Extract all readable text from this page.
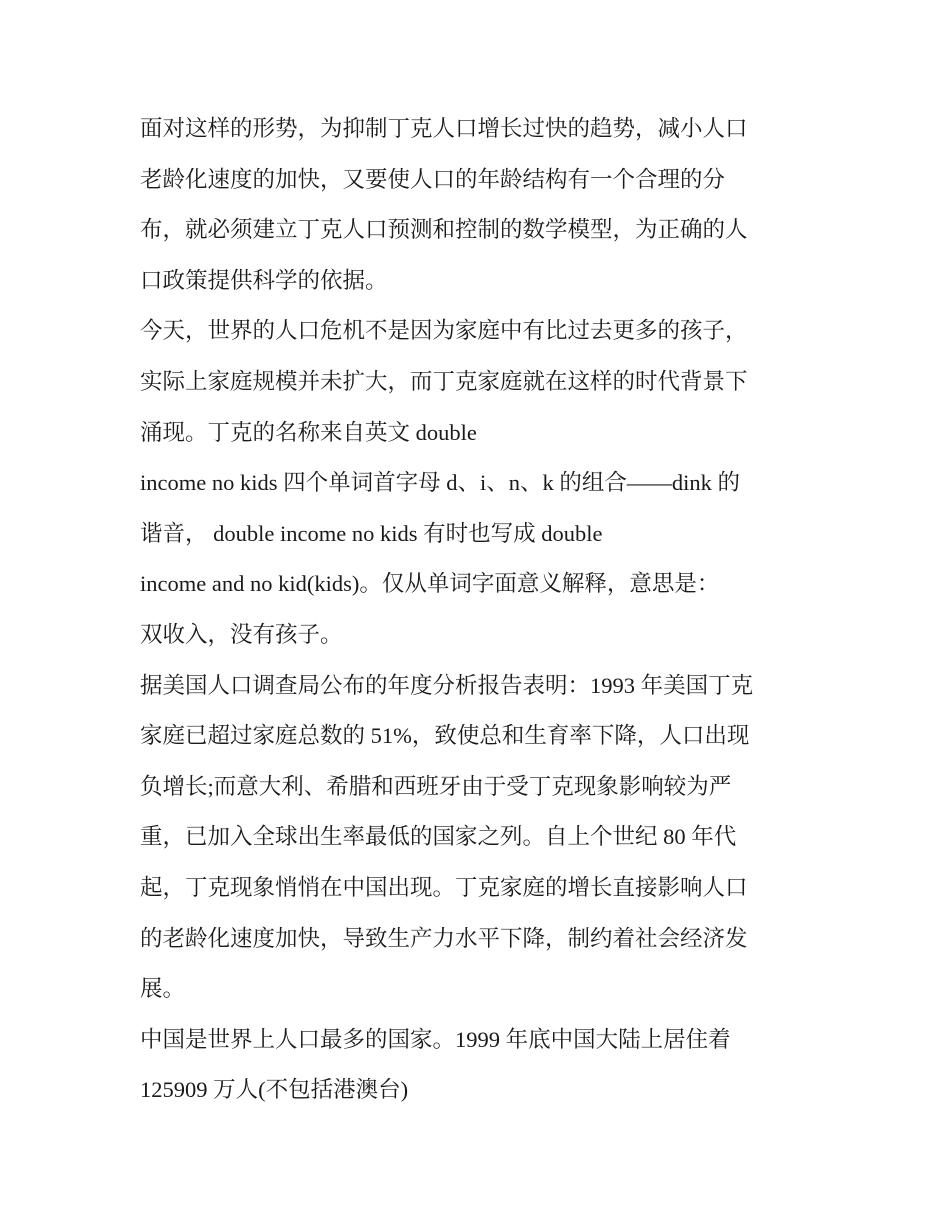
面对这样的形势，为抑制丁克人口增长过快的趋势，减小人口
老龄化速度的加快，又要使人口的年龄结构有一个合理的分
布，就必须建立丁克人口预测和控制的数学模型，为正确的人
口政策提供科学的依据。
今天，世界的人口危机不是因为家庭中有比过去更多的孩子，
实际上家庭规模并未扩大，而丁克家庭就在这样的时代背景下
涌现。丁克的名称来自英文 double
income no kids 四个单词首字母 d、i、n、k 的组合——dink 的
谐音， double income no kids 有时也写成 double
income and no kid(kids)。仅从单词字面意义解释，意思是：
双收入，没有孩子。
据美国人口调查局公布的年度分析报告表明：1993 年美国丁克
家庭已超过家庭总数的 51%，致使总和生育率下降，人口出现
负增长;而意大利、希腊和西班牙由于受丁克现象影响较为严
重，已加入全球出生率最低的国家之列。自上个世纪 80 年代
起，丁克现象悄悄在中国出现。丁克家庭的增长直接影响人口
的老龄化速度加快，导致生产力水平下降，制约着社会经济发
展。
中国是世界上人口最多的国家。1999 年底中国大陆上居住着
125909 万人(不包括港澳台)
